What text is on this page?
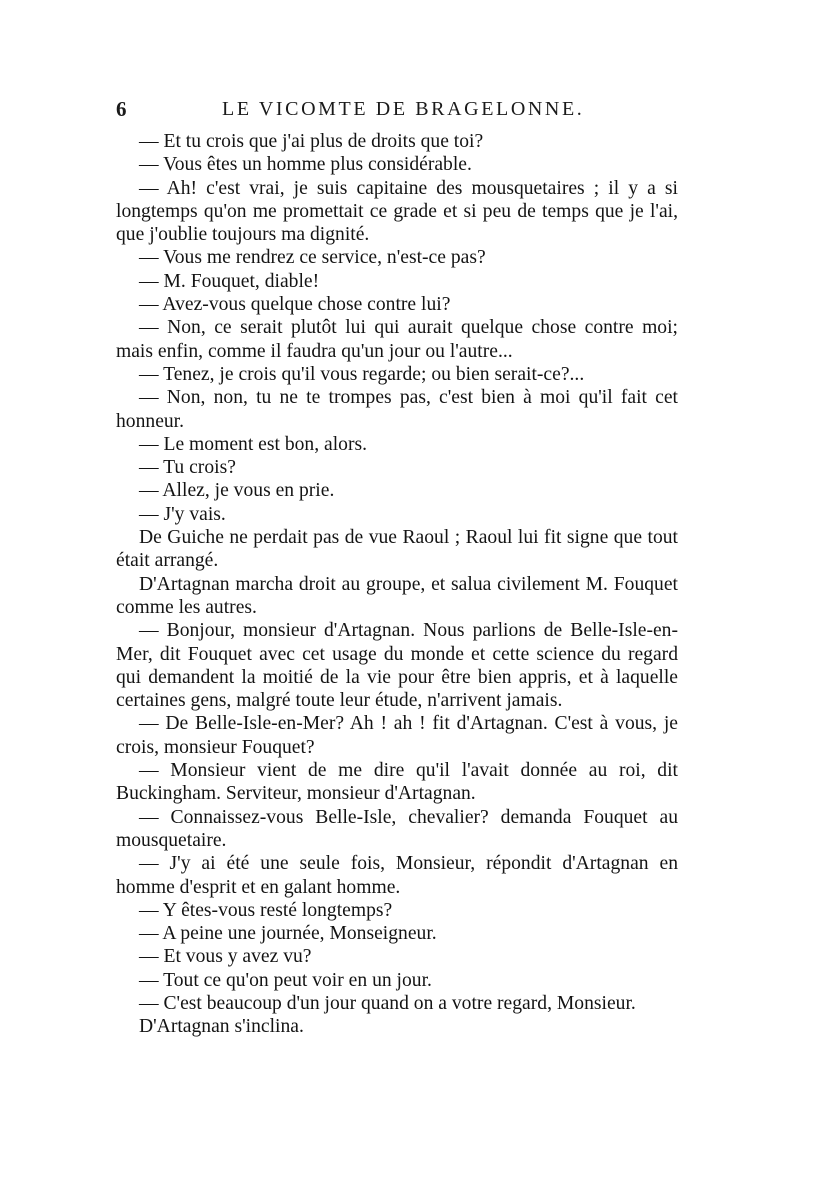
6	LE VICOMTE DE BRAGELONNE.

— Et tu crois que j'ai plus de droits que toi?

— Vous êtes un homme plus considérable.

— Ah! c'est vrai, je suis capitaine des mousquetaires ; il y a si longtemps qu'on me promettait ce grade et si peu de temps que je l'ai, que j'oublie toujours ma dignité.

— Vous me rendrez ce service, n'est-ce pas?

— M. Fouquet, diable!

— Avez-vous quelque chose contre lui?

— Non, ce serait plutôt lui qui aurait quelque chose contre moi; mais enfin, comme il faudra qu'un jour ou l'autre...

— Tenez, je crois qu'il vous regarde; ou bien serait-ce?...

— Non, non, tu ne te trompes pas, c'est bien à moi qu'il fait cet honneur.

— Le moment est bon, alors.

— Tu crois?

— Allez, je vous en prie.

— J'y vais.

De Guiche ne perdait pas de vue Raoul ; Raoul lui fit signe que tout était arrangé.

D'Artagnan marcha droit au groupe, et salua civilement M. Fouquet comme les autres.

— Bonjour, monsieur d'Artagnan. Nous parlions de Belle-Isle-en-Mer, dit Fouquet avec cet usage du monde et cette science du regard qui demandent la moitié de la vie pour être bien appris, et à laquelle certaines gens, malgré toute leur étude, n'arrivent jamais.

— De Belle-Isle-en-Mer? Ah ! ah ! fit d'Artagnan. C'est à vous, je crois, monsieur Fouquet?

— Monsieur vient de me dire qu'il l'avait donnée au roi, dit Buckingham. Serviteur, monsieur d'Artagnan.

— Connaissez-vous Belle-Isle, chevalier? demanda Fouquet au mousquetaire.

— J'y ai été une seule fois, Monsieur, répondit d'Artagnan en homme d'esprit et en galant homme.

— Y êtes-vous resté longtemps?

— A peine une journée, Monseigneur.

— Et vous y avez vu?

— Tout ce qu'on peut voir en un jour.

— C'est beaucoup d'un jour quand on a votre regard, Monsieur.

D'Artagnan s'inclina.
